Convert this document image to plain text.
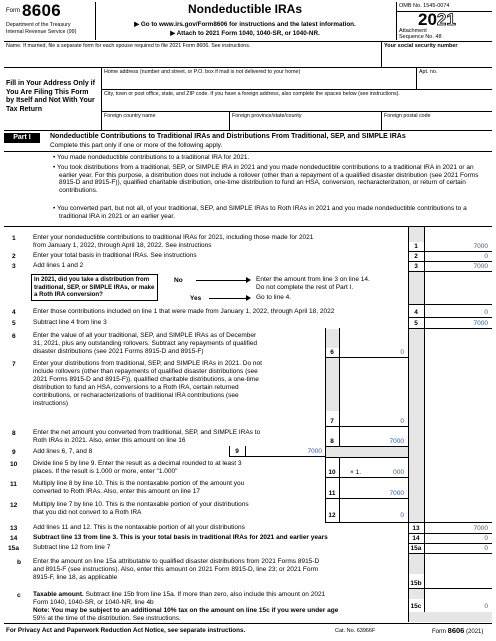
Form 8606
Department of the Treasury
Internal Revenue Service (99)
Nondeductible IRAs
▶ Go to www.irs.gov/Form8606 for instructions and the latest information.
▶ Attach to 2021 Form 1040, 1040-SR, or 1040-NR.
OMB No. 1545-0074
2021
Attachment
Sequence No. 48
Name. If married, file a separate form for each spouse required to file 2021 Form 8606. See instructions.	Your social security number
Fill in Your Address Only if You Are Filing This Form by Itself and Not With Your Tax Return
Home address (number and street, or P.O. box if mail is not delivered to your home)	Apt. no.
City, town or post office, state, and ZIP code. If you have a foreign address, also complete the spaces below (see instructions).
Foreign country name	Foreign province/state/county	Foreign postal code
Part I	Nondeductible Contributions to Traditional IRAs and Distributions From Traditional, SEP, and SIMPLE IRAs
Complete this part only if one or more of the following apply.
• You made nondeductible contributions to a traditional IRA for 2021.
• You took distributions from a traditional, SEP, or SIMPLE IRA in 2021 and you made nondeductible contributions to a traditional IRA in 2021 or an earlier year. For this purpose, a distribution does not include a rollover (other than a repayment of a qualified disaster distribution (see 2021 Forms 8915-D and 8915-F)), qualified charitable distribution, one-time distribution to fund an HSA, conversion, recharacterization, or return of certain contributions.
• You converted part, but not all, of your traditional, SEP, and SIMPLE IRAs to Roth IRAs in 2021 and you made nondeductible contributions to a traditional IRA in 2021 or an earlier year.
1	Enter your nondeductible contributions to traditional IRAs for 2021, including those made for 2021
from January 1, 2022, through April 18, 2022. See instructions	1	7000
2	Enter your total basis in traditional IRAs. See instructions	2	0
3	Add lines 1 and 2	3	7000
In 2021, did you take a distribution from traditional, SEP, or SIMPLE IRAs, or make a Roth IRA conversion?
No	Enter the amount from line 3 on line 14.
Do not complete the rest of Part I.
Yes	Go to line 4.
4	Enter those contributions included on line 1 that were made from January 1, 2022, through April 18, 2022	4	0
5	Subtract line 4 from line 3	5	7000
6	Enter the value of all your traditional, SEP, and SIMPLE IRAs as of December
31, 2021, plus any outstanding rollovers. Subtract any repayments of qualified
disaster distributions (see 2021 Forms 8915-D and 8915-F)	6	0
7	Enter your distributions from traditional, SEP, and SIMPLE IRAs in 2021. Do not
include rollovers (other than repayments of qualified disaster distributions (see
2021 Forms 8915-D and 8915-F)), qualified charitable distributions, a one-time
distribution to fund an HSA, conversions to a Roth IRA, certain returned
contributions, or recharacterizations of traditional IRA contributions (see
instructions)
7	0
8	Enter the net amount you converted from traditional, SEP, and SIMPLE IRAs to
Roth IRAs in 2021. Also, enter this amount on line 16	8	7000
9	Add lines 6, 7, and 8	9	7000
10 Divide line 5 by line 9. Enter the result as a decimal rounded to at least 3
places. If the result is 1.000 or more, enter "1.000"	10	× 1.	000
11 Multiply line 8 by line 10. This is the nontaxable portion of the amount you
converted to Roth IRAs. Also, enter this amount on line 17	11	7000
12 Multiply line 7 by line 10. This is the nontaxable portion of your distributions
that you did not convert to a Roth IRA	12	0
13 Add lines 11 and 12. This is the nontaxable portion of all your distributions	13	7000
14 Subtract line 13 from line 3. This is your total basis in traditional IRAs for 2021 and earlier years	14	0
15a Subtract line 12 from line 7	15a	0
b Enter the amount on line 15a attributable to qualified disaster distributions from 2021 Forms 8915-D
and 8915-F (see instructions). Also, enter this amount on 2021 Form 8915-D, line 23; or 2021 Form
8915-F, line 18, as applicable
15b
c Taxable amount. Subtract line 15b from line 15a. If more than zero, also include this amount on 2021
Form 1040, 1040-SR, or 1040-NR, line 4b
Note: You may be subject to an additional 10% tax on the amount on line 15c if you were under age
59½ at the time of the distribution. See instructions.
15c	0
For Privacy Act and Paperwork Reduction Act Notice, see separate instructions.	Cat. No. 63966F	Form 8606 (2021)
